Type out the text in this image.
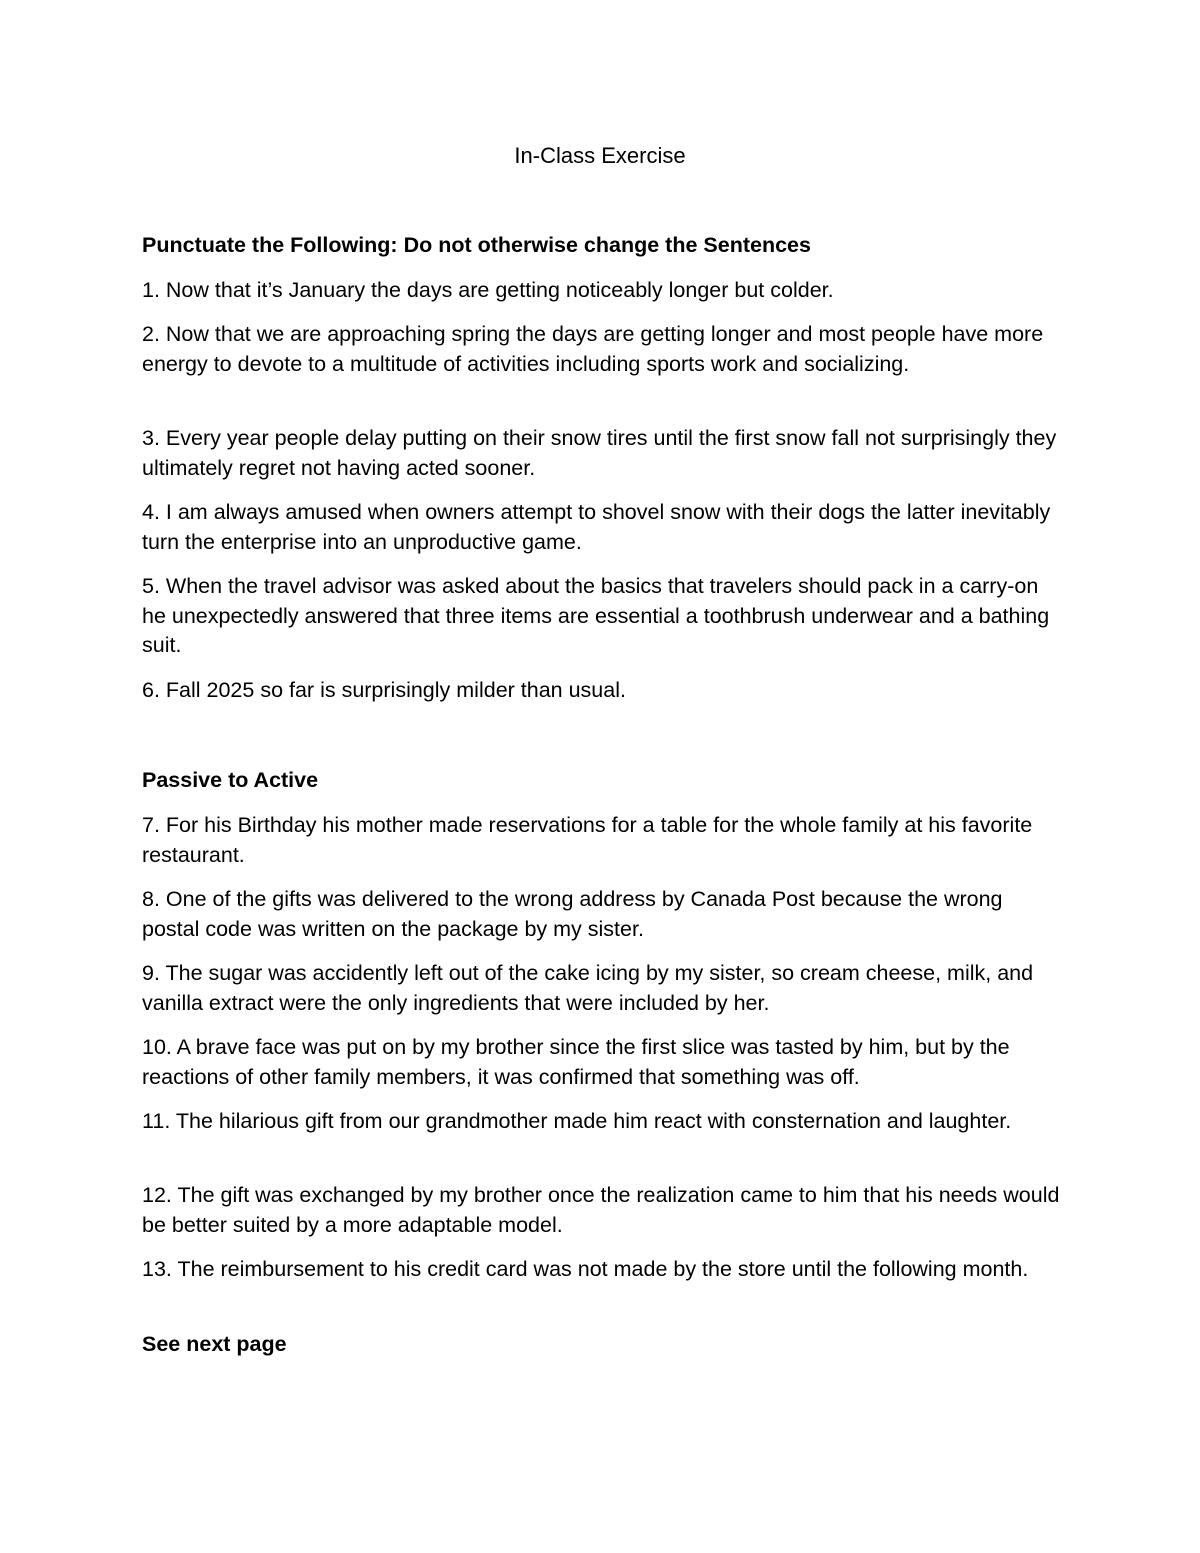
In-Class Exercise

Punctuate the Following: Do not otherwise change the Sentences

1. Now that it’s January the days are getting noticeably longer but colder.

2. Now that we are approaching spring the days are getting longer and most people have more energy to devote to a multitude of activities including sports work and socializing.

3. Every year people delay putting on their snow tires until the first snow fall not surprisingly they ultimately regret not having acted sooner.

4. I am always amused when owners attempt to shovel snow with their dogs the latter inevitably turn the enterprise into an unproductive game.

5. When the travel advisor was asked about the basics that travelers should pack in a carry-on he unexpectedly answered that three items are essential a toothbrush underwear and a bathing suit.

6. Fall 2025 so far is surprisingly milder than usual.

Passive to Active

7. For his Birthday his mother made reservations for a table for the whole family at his favorite restaurant.

8. One of the gifts was delivered to the wrong address by Canada Post because the wrong postal code was written on the package by my sister.

9. The sugar was accidently left out of the cake icing by my sister, so cream cheese, milk, and vanilla extract were the only ingredients that were included by her.

10. A brave face was put on by my brother since the first slice was tasted by him, but by the reactions of other family members, it was confirmed that something was off.

11. The hilarious gift from our grandmother made him react with consternation and laughter.

12. The gift was exchanged by my brother once the realization came to him that his needs would be better suited by a more adaptable model.

13. The reimbursement to his credit card was not made by the store until the following month.

See next page
